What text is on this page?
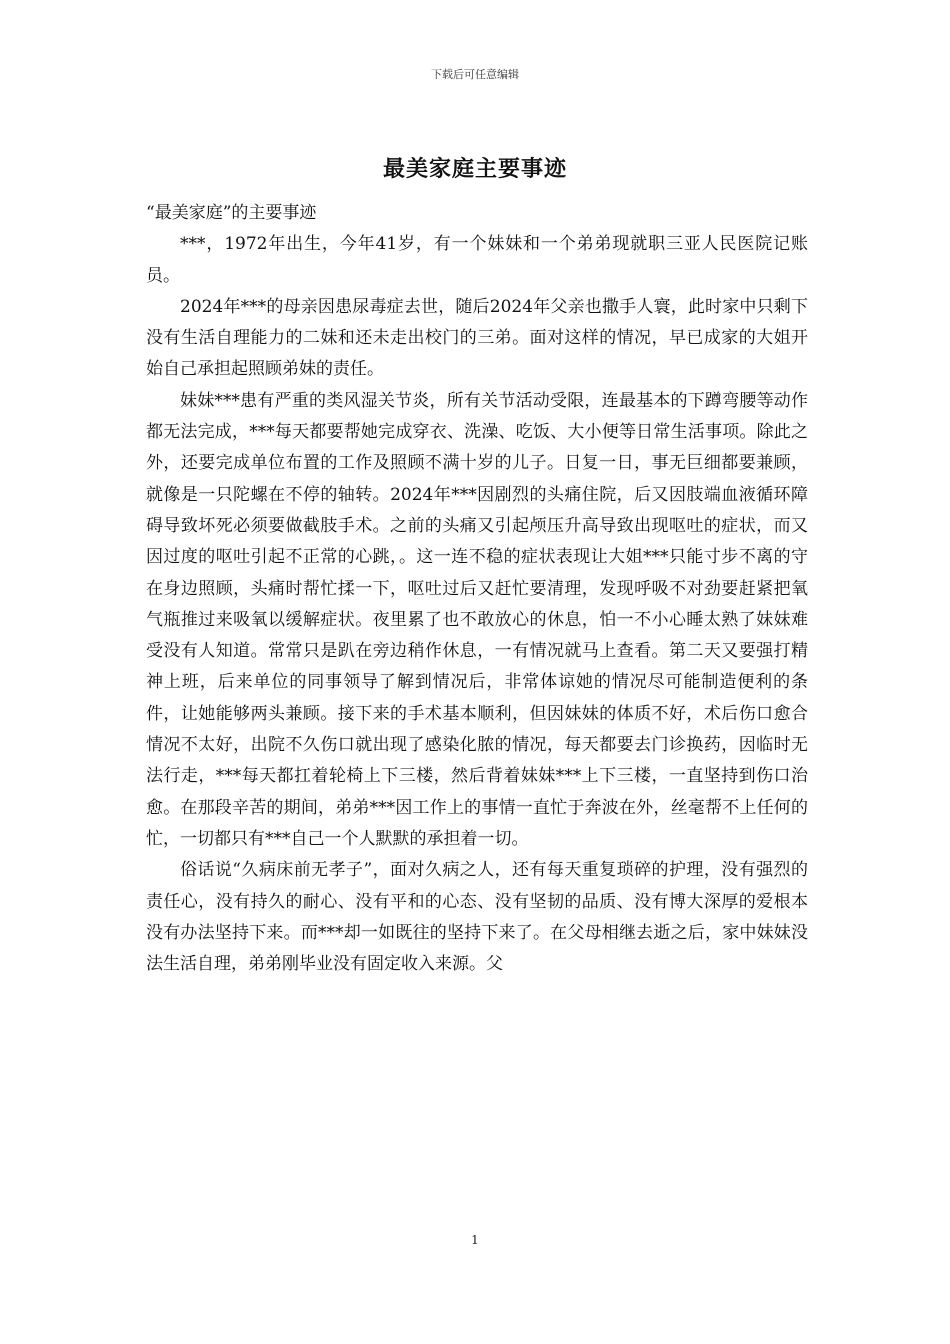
下载后可任意编辑
最美家庭主要事迹

“最美家庭”的主要事迹

***，1972年出生，今年41岁，有一个妹妹和一个弟弟现就职三亚人民医院记账员。

2024年***的母亲因患尿毒症去世，随后2024年父亲也撒手人寰，此时家中只剩下没有生活自理能力的二妹和还未走出校门的三弟。面对这样的情况，早已成家的大姐开始自己承担起照顾弟妹的责任。

妹妹***患有严重的类风湿关节炎，所有关节活动受限，连最基本的下蹲弯腰等动作都无法完成，***每天都要帮她完成穿衣、洗澡、吃饭、大小便等日常生活事项。除此之外，还要完成单位布置的工作及照顾不满十岁的儿子。日复一日，事无巨细都要兼顾，就像是一只陀螺在不停的轴转。2024年***因剧烈的头痛住院，后又因肢端血液循环障碍导致坏死必须要做截肢手术。之前的头痛又引起颅压升高导致出现呕吐的症状，而又因过度的呕吐引起不正常的心跳，。这一连不稳的症状表现让大姐***只能寸步不离的守在身边照顾，头痛时帮忙揉一下，呕吐过后又赶忙要清理，发现呼吸不对劲要赶紧把氧气瓶推过来吸氧以缓解症状。夜里累了也不敢放心的休息，怕一不小心睡太熟了妹妹难受没有人知道。常常只是趴在旁边稍作休息，一有情况就马上查看。第二天又要强打精神上班，后来单位的同事领导了解到情况后，非常体谅她的情况尽可能制造便利的条件，让她能够两头兼顾。接下来的手术基本顺利，但因妹妹的体质不好，术后伤口愈合情况不太好，出院不久伤口就出现了感染化脓的情况，每天都要去门诊换药，因临时无法行走，***每天都扛着轮椅上下三楼，然后背着妹妹***上下三楼，一直坚持到伤口治愈。在那段辛苦的期间，弟弟***因工作上的事情一直忙于奔波在外，丝毫帮不上任何的忙，一切都只有***自己一个人默默的承担着一切。

俗话说“久病床前无孝子”，面对久病之人，还有每天重复琐碎的护理，没有强烈的责任心，没有持久的耐心、没有平和的心态、没有坚韧的品质、没有博大深厚的爱根本没有办法坚持下来。而***却一如既往的坚持下来了。在父母相继去逝之后，家中妹妹没法生活自理，弟弟刚毕业没有固定收入来源。父

1
